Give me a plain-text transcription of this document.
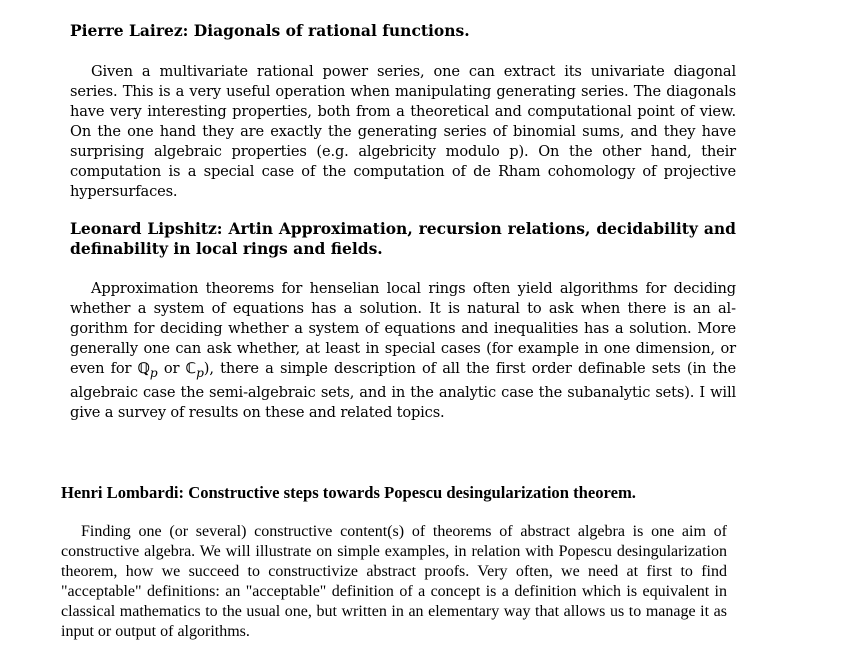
Pierre Lairez: Diagonals of rational functions.

Given a multivariate rational power series, one can extract its univariate diagonal series. This is a very useful operation when manipulating generating series. The diagonals have very interesting properties, both from a theoretical and computational point of view. On the one hand they are exactly the generating series of binomial sums, and they have surprising algebraic properties (e.g. algebricity modulo p). On the other hand, their computation is a special case of the computation of de Rham cohomology of projective hypersurfaces.

Leonard Lipshitz: Artin Approximation, recursion relations, decidability and definability in local rings and fields.

Approximation theorems for henselian local rings often yield algorithms for deciding whether a system of equations has a solution. It is natural to ask when there is an algorithm for deciding whether a system of equations and inequalities has a solution. More generally one can ask whether, at least in special cases (for example in one dimension, or even for ℚ$_p$ or ℂ$_p$), there a simple description of all the first order definable sets (in the algebraic case the semi-algebraic sets, and in the analytic case the subanalytic sets). I will give a survey of results on these and related topics.

Henri Lombardi: Constructive steps towards Popescu desingularization theorem.

Finding one (or several) constructive content(s) of theorems of abstract algebra is one aim of constructive algebra. We will illustrate on simple examples, in relation with Popescu desingularization theorem, how we succeed to constructivize abstract proofs. Very often, we need at first to find "acceptable" definitions: an "acceptable" definition of a concept is a definition which is equivalent in classical mathematics to the usual one, but written in an elementary way that allows us to manage it as input or output of algorithms.
